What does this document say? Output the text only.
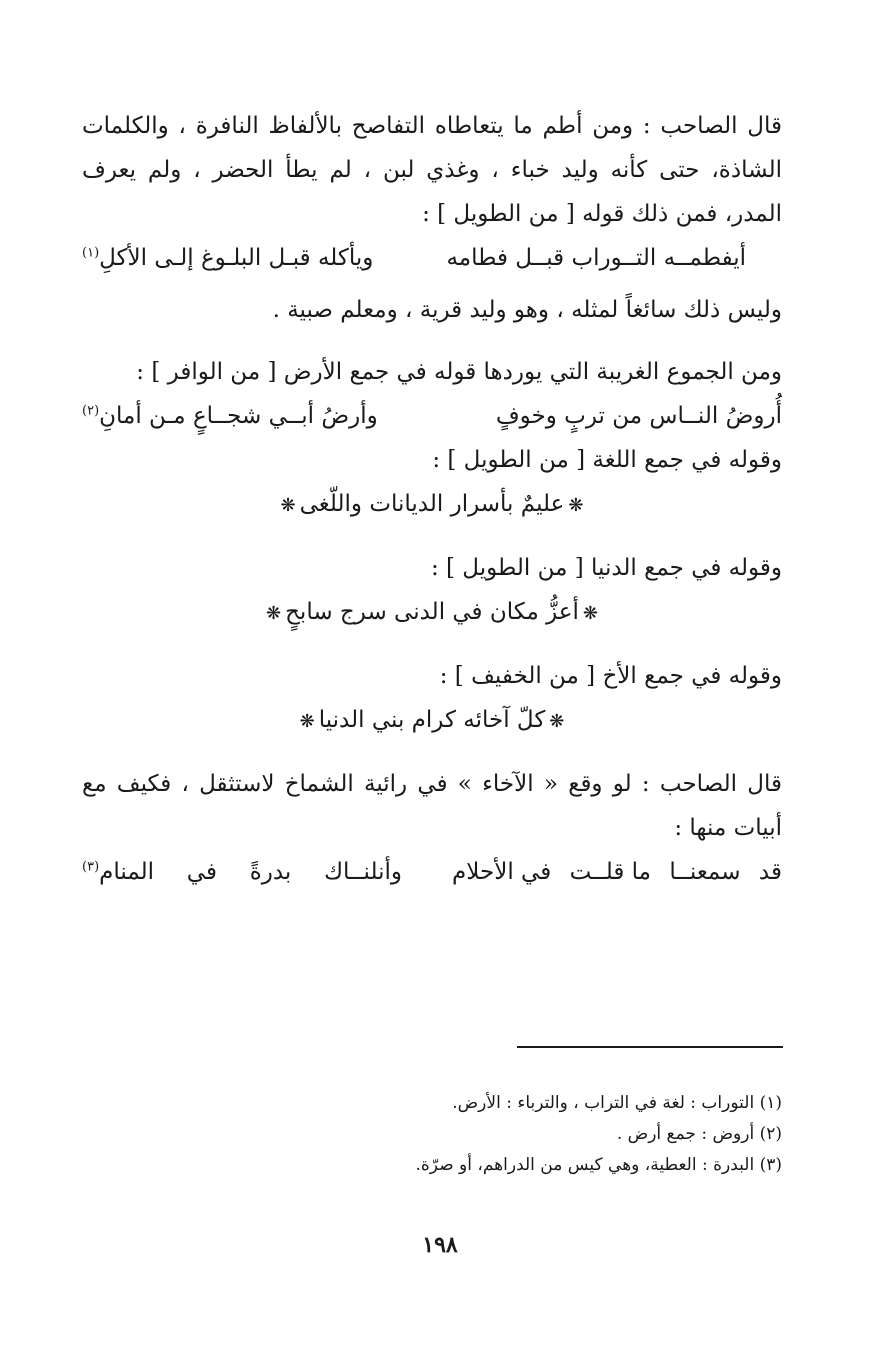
قال الصاحب : ومن أطم ما يتعاطاه التفاصح بالألفاظ النافرة ، والكلمات الشاذة، حتى كأنه وليد خباء ، وغذي لبن ، لم يطأ الحضر ، ولم يعرف المدر، فمن ذلك قوله [ من الطويل ] :

أيفطمــه التــوراب قبــل فطامه
ويأكله قبـل البلـوغ إلـى الأكلِ$^{(١)}$

وليس ذلك سائغاً لمثله ، وهو وليد قرية ، ومعلم صبية .

ومن الجموع الغريبة التي يوردها قوله في جمع الأرض [ من الوافر ] :

أُروضُ النــاس من تربٍ وخوفٍ
وأرضُ أبــي شجــاعٍ مـن أمانِ$^{(٢)}$

وقوله في جمع اللغة [ من الطويل ] :

❋عليمٌ بأسرار الديانات واللّغى❋

وقوله في جمع الدنيا [ من الطويل ] :

❋أعزُّ مكان في الدنى سرج سابحٍ❋

وقوله في جمع الأخ [ من الخفيف ] :

❋كلّ آخائه كرام بني الدنيا❋

قال الصاحب : لو وقع « الآخاء » في رائية الشماخ لاستثقل ، فكيف مع أبيات منها :

قد
سمعنــا
ما قلــت
في الأحلام
وأنلنــاك
بدرةً
في
المنام$^{(٣)}$
(١) التوراب : لغة في التراب ، والترباء : الأرض.
(٢) أروض : جمع أرض .
(٣) البدرة : العطية، وهي كيس من الدراهم، أو صرّة.
١٩٨
